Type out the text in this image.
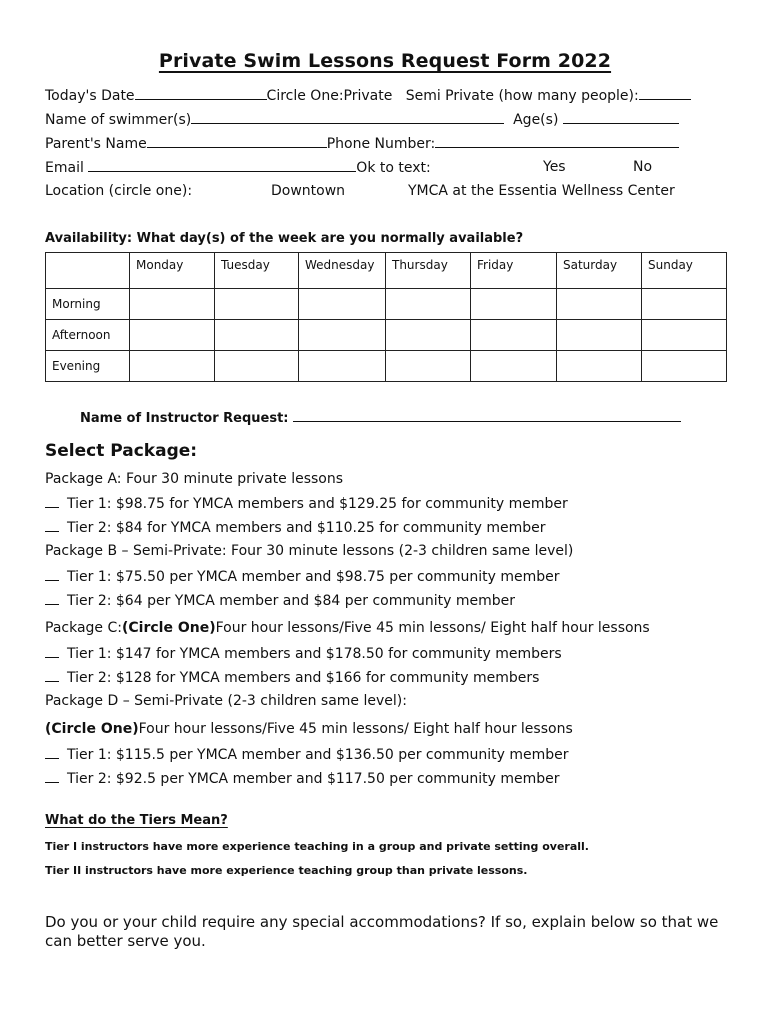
Private Swim Lessons Request Form 2022
Today's Date	Circle One:Private Semi Private (how many people):
Name of swimmer(s)	Age(s)
Parent's Name	Phone Number:
Email	Ok to text:	Yes	No
Location (circle one):	Downtown	YMCA at the Essentia Wellness Center
Availability: What day(s) of the week are you normally available?
	Monday	Tuesday	Wednesday	Thursday	Friday	Saturday	Sunday
Morning							
Afternoon							
Evening							
Name of Instructor Request:
Select Package:
Package A: Four 30 minute private lessons
Tier 1: $98.75 for YMCA members and $129.25 for community member
Tier 2: $84 for YMCA members and $110.25 for community member
Package B – Semi-Private: Four 30 minute lessons (2-3 children same level)
Tier 1: $75.50 per YMCA member and $98.75 per community member
Tier 2: $64 per YMCA member and $84 per community member
Package C:(Circle One)Four hour lessons/Five 45 min lessons/ Eight half hour lessons
Tier 1: $147 for YMCA members and $178.50 for community members
Tier 2: $128 for YMCA members and $166 for community members
Package D – Semi-Private (2-3 children same level):
(Circle One)Four hour lessons/Five 45 min lessons/ Eight half hour lessons
Tier 1: $115.5 per YMCA member and $136.50 per community member
Tier 2: $92.5 per YMCA member and $117.50 per community member
What do the Tiers Mean?
Tier I instructors have more experience teaching in a group and private setting overall.
Tier II instructors have more experience teaching group than private lessons.
Do you or your child require any special accommodations? If so, explain below so that we
can better serve you.
